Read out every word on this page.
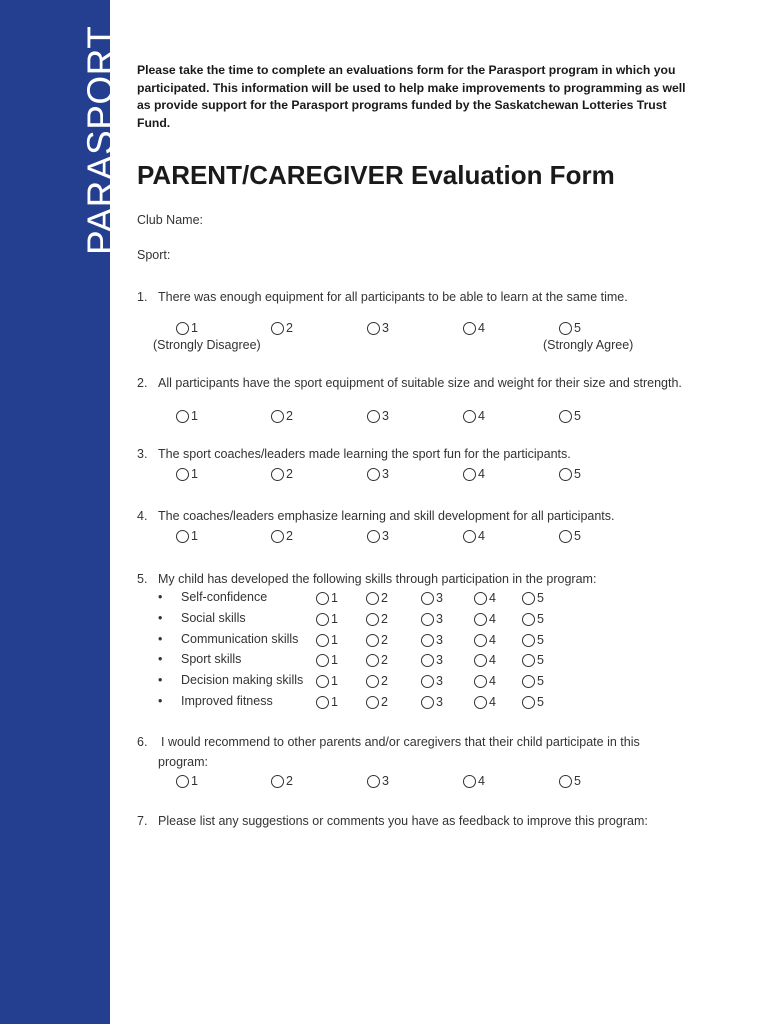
PARASPORT Please take the time to complete an evaluations form for the Parasport program in which you participated. This information will be used to help make improvements to programming as well as provide support for the Parasport programs funded by the Saskatchewan Lotteries Trust Fund.
PARENT/CAREGIVER Evaluation Form
Club Name:
Sport:
1. There was enough equipment for all participants to be able to learn at the same time.
1	2	3	4	5
(Strongly Disagree)	(Strongly Agree)
2. All participants have the sport equipment of suitable size and weight for their size and strength.
1	2	3	4	5
3. The sport coaches/leaders made learning the sport fun for the participants.
1	2	3	4	5
4. The coaches/leaders emphasize learning and skill development for all participants.
1	2	3	4	5
5. My child has developed the following skills through participation in the program:
• Self-confidence	1	2	3	4	5
• Social skills	1	2	3	4	5
• Communication skills	1	2	3	4	5
• Sport skills	1	2	3	4	5
• Decision making skills	1	2	3	4	5
• Improved fitness	1	2	3	4	5
6. I would recommend to other parents and/or caregivers that their child participate in this
program:
1	2	3	4	5
7. Please list any suggestions or comments you have as feedback to improve this program:
